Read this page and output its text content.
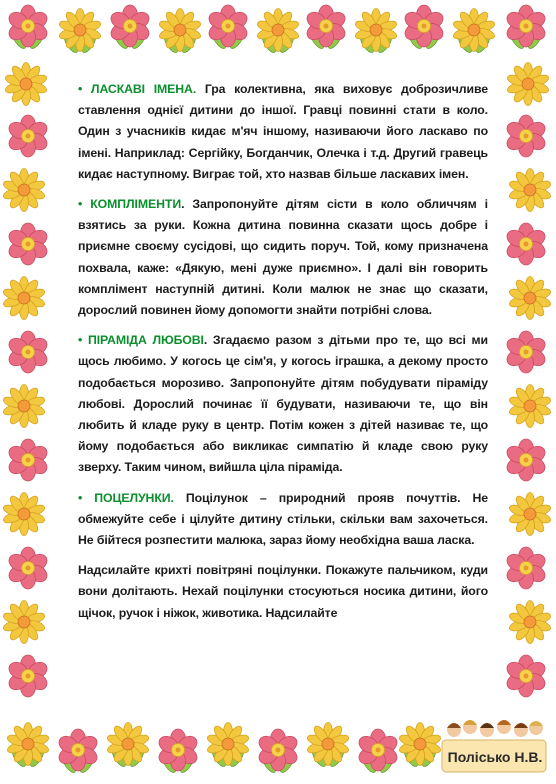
Полісько Н.В.

• ЛАСКАВІ ІМЕНА. Гра колективна, яка виховує доброзичливе ставлення однієї дитини до іншої. Гравці повинні стати в коло. Один з учасників кидає м'яч іншому, називаючи його ласкаво по імені. Наприклад: Сергійку, Богданчик, Олечка і т.д. Другий гравець кидає наступному. Виграє той, хто назвав більше ласкавих імен.

• КОМПЛІМЕНТИ. Запропонуйте дітям сісти в коло обличчям і взятись за руки. Кожна дитина повинна сказати щось добре і приємне своєму сусідові, що сидить поруч. Той, кому призначена похвала, каже: «Дякую, мені дуже приємно». І далі він говорить комплімент наступній дитині. Коли малюк не знає що сказати, дорослий повинен йому допомогти знайти потрібні слова.

• ПІРАМІДА ЛЮБОВІ. Згадаємо разом з дітьми про те, що всі ми щось любимо. У когось це сім'я, у когось іграшка, а декому просто подобається морозиво. Запропонуйте дітям побудувати піраміду любові. Дорослий починає її будувати, називаючи те, що він любить й кладе руку в центр. Потім кожен з дітей називає те, що йому подобається або викликає симпатію й кладе свою руку зверху. Таким чином, вийшла ціла піраміда.

• ПОЦЕЛУНКИ. Поцілунок – природний прояв почуттів. Не обмежуйте себе і цілуйте дитину стільки, скільки вам захочеться. Не бійтеся розпестити малюка, зараз йому необхідна ваша ласка.

Надсилайте крихті повітряні поцілунки. Покажуте пальчиком, куди вони долітають. Нехай поцілунки стосуються носика дитини, його щічок, ручок і ніжок, животика. Надсилайте
